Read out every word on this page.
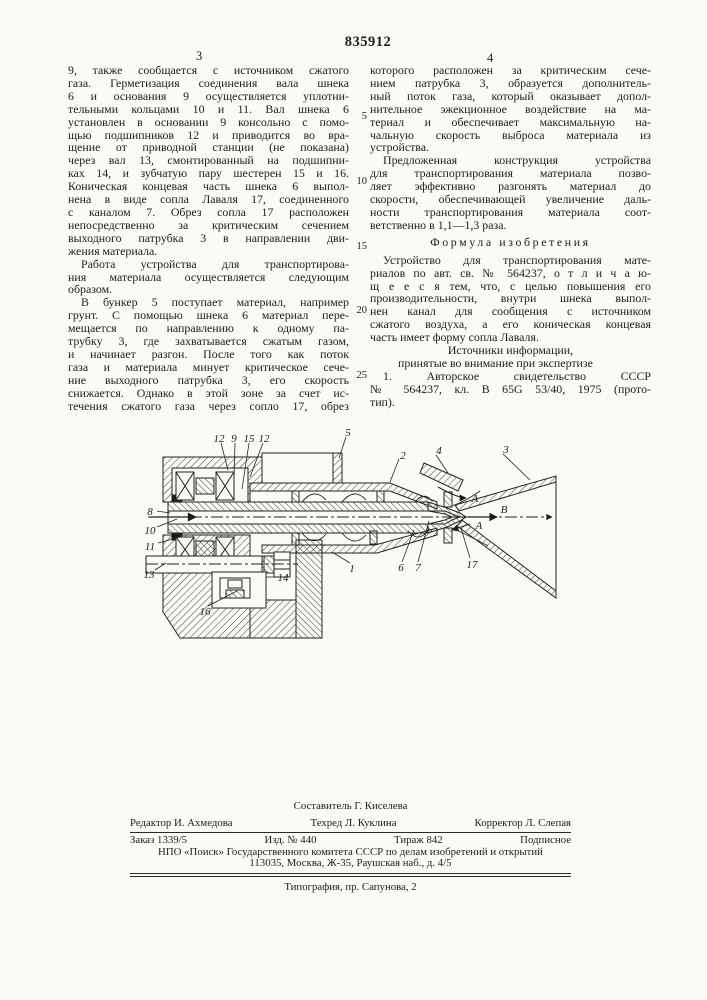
835912
3	4
9, также сообщается с источником сжатого
газа. Герметизация соединения вала шнека
6 и основания 9 осуществляется уплотни-
тельными кольцами 10 и 11. Вал шнека 6
установлен в основании 9 консольно с помо-
щью подшипников 12 и приводится во вра-
щение от приводной станции (не показана)
через вал 13, смонтированный на подшипни-
ках 14, и зубчатую пару шестерен 15 и 16.
Коническая концевая часть шнека 6 выпол-
нена в виде сопла Лаваля 17, соединенного
с каналом 7. Обрез сопла 17 расположен
непосредственно за критическим сечением
выходного патрубка 3 в направлении дви-
жения материала.
Работа устройства для транспортирова-
ния материала осуществляется следующим
образом.
В бункер 5 поступает материал, например
грунт. С помощью шнека 6 материал пере-
мещается по направлению к одному па-
трубку 3, где захватывается сжатым газом,
и начинает разгон. После того как поток
газа и материала минует критическое сече-
ние выходного патрубка 3, его скорость
снижается. Однако в этой зоне за счет ис-
течения сжатого газа через сопло 17, обрез
которого расположен за критическим сече-
нием патрубка 3, образуется дополнитель-
ный поток газа, который оказывает допол-
нительное эжекционное воздействие на ма-
териал и обеспечивает максимальную на-
чальную скорость выброса материала из
устройства.
Предложенная конструкция устройства
для транспортирования материала позво-
ляет эффективно разгонять материал до
скорости, обеспечивающей увеличение даль-
ности транспортирования материала соот-
ветственно в 1,1—1,3 раза.
Формула изобретения
Устройство для транспортирования мате-
риалов по авт. св. № 564237, о т л и ч а ю-
щ е е с я тем, что, с целью повышения его
производительности, внутри шнека выпол-
нен канал для сообщения с источником
сжатого воздуха, а его коническая концевая
часть имеет форму сопла Лаваля.
Источники информации,
принятые во внимание при экспертизе
1. Авторское свидетельство СССР
№ 564237, кл. В 65G 53/40, 1975 (прото-
тип).
5
10
15
20
25
12 9 15 12	5
2	4	3
8
10
11
13
16
14
1	6 7	17
A
A
В
Составитель Г. Киселева
Редактор И. Ахмедова	Техред Л. Куклина	Корректор Л. Слепая
Заказ 1339/5	Изд. № 440	Тираж 842	Подписное
НПО «Поиск» Государственного комитета СССР по делам изобретений и открытий
113035, Москва, Ж-35, Раушская наб., д. 4/5
Типография, пр. Сапунова, 2
